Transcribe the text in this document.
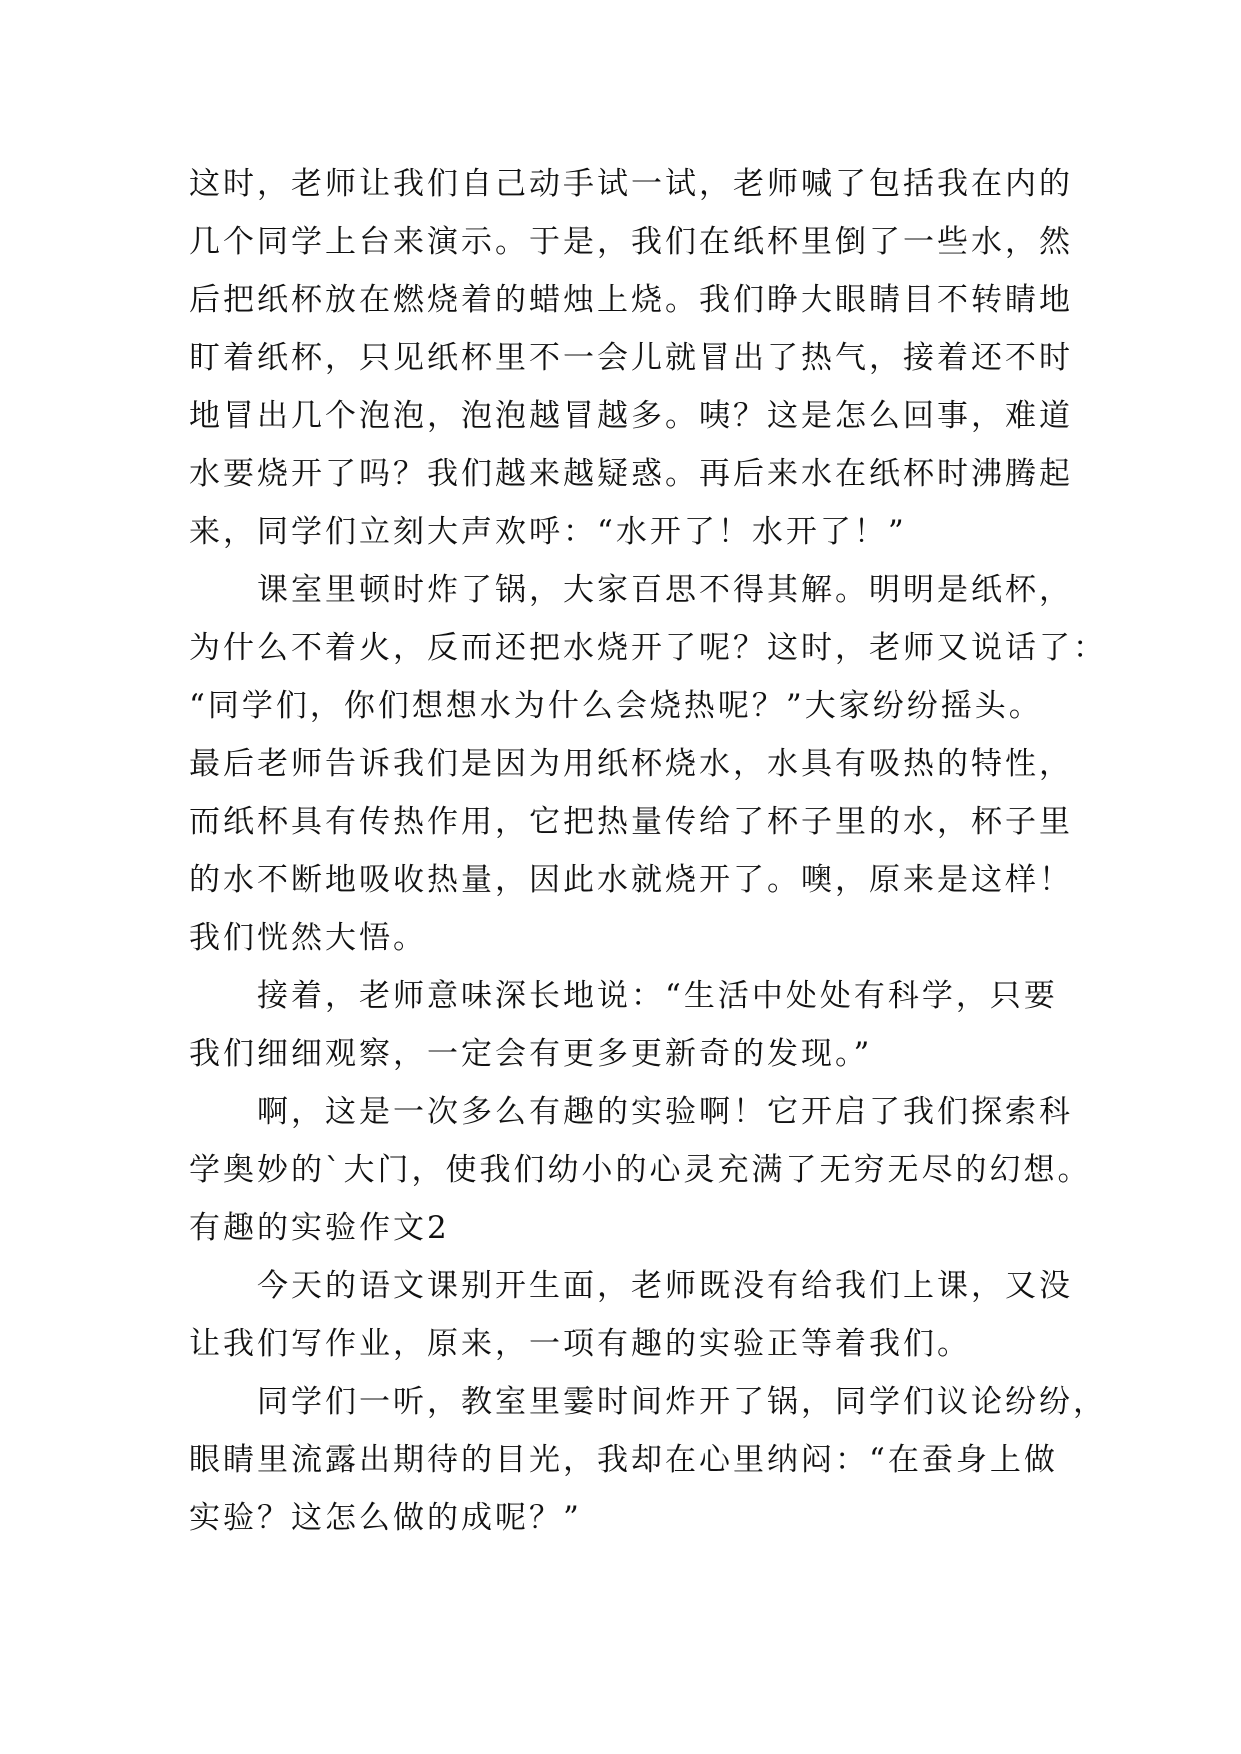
这时，老师让我们自己动手试一试，老师喊了包括我在内的
几个同学上台来演示。于是，我们在纸杯里倒了一些水，然
后把纸杯放在燃烧着的蜡烛上烧。我们睁大眼睛目不转睛地
盯着纸杯，只见纸杯里不一会儿就冒出了热气，接着还不时
地冒出几个泡泡，泡泡越冒越多。咦？这是怎么回事，难道
水要烧开了吗？我们越来越疑惑。再后来水在纸杯时沸腾起
来，同学们立刻大声欢呼：“水开了！水开了！”
课室里顿时炸了锅，大家百思不得其解。明明是纸杯，
为什么不着火，反而还把水烧开了呢？这时，老师又说话了：
“同学们，你们想想水为什么会烧热呢？”大家纷纷摇头。
最后老师告诉我们是因为用纸杯烧水，水具有吸热的特性，
而纸杯具有传热作用，它把热量传给了杯子里的水，杯子里
的水不断地吸收热量，因此水就烧开了。噢，原来是这样！
我们恍然大悟。
接着，老师意味深长地说：“生活中处处有科学，只要
我们细细观察，一定会有更多更新奇的发现。”
啊，这是一次多么有趣的实验啊！它开启了我们探索科
学奥妙的`大门，使我们幼小的心灵充满了无穷无尽的幻想。
有趣的实验作文2
今天的语文课别开生面，老师既没有给我们上课，又没
让我们写作业，原来，一项有趣的实验正等着我们。
同学们一听，教室里霎时间炸开了锅，同学们议论纷纷，
眼睛里流露出期待的目光，我却在心里纳闷：“在蚕身上做
实验？这怎么做的成呢？”
